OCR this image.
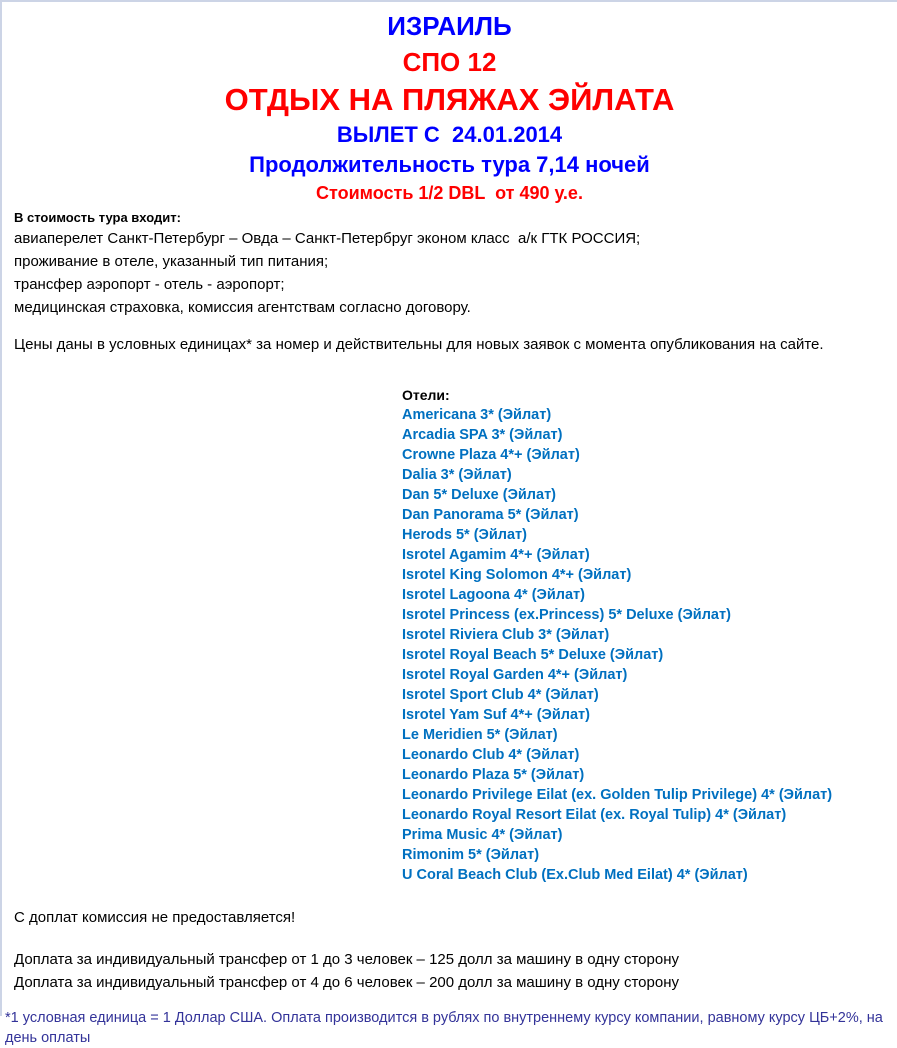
ИЗРАИЛЬ
СПО 12
ОТДЫХ НА ПЛЯЖАХ ЭЙЛАТА
ВЫЛЕТ С  24.01.2014
Продолжительность тура 7,14 ночей
Стоимость 1/2 DBL  от 490 у.е.
В стоимость тура входит:
авиаперелет Санкт-Петербург – Овда – Санкт-Петербруг эконом класс  а/к ГТК РОССИЯ;
проживание в отеле, указанный тип питания;
трансфер аэропорт - отель - аэропорт;
медицинская страховка, комиссия агентствам согласно договору.
Цены даны в условных единицах* за номер и действительны для новых заявок с момента опубликования на сайте.
Отели:
Americana 3* (Эйлат)
Arcadia SPA 3* (Эйлат)
Crowne Plaza 4*+ (Эйлат)
Dalia 3* (Эйлат)
Dan 5* Deluxe (Эйлат)
Dan Panorama 5* (Эйлат)
Herods 5* (Эйлат)
Isrotel Agamim 4*+ (Эйлат)
Isrotel King Solomon 4*+ (Эйлат)
Isrotel Lagoona 4* (Эйлат)
Isrotel Princess (ex.Princess) 5* Deluxe (Эйлат)
Isrotel Riviera Club 3* (Эйлат)
Isrotel Royal Beach 5* Deluxe (Эйлат)
Isrotel Royal Garden 4*+ (Эйлат)
Isrotel Sport Club 4* (Эйлат)
Isrotel Yam Suf 4*+ (Эйлат)
Le Meridien 5* (Эйлат)
Leonardo Club 4* (Эйлат)
Leonardo Plaza 5* (Эйлат)
Leonardo Privilege Eilat (ex. Golden Tulip Privilege) 4* (Эйлат)
Leonardo Royal Resort Eilat (ex. Royal Tulip) 4* (Эйлат)
Prima Music 4* (Эйлат)
Rimonim 5* (Эйлат)
U Coral Beach Club (Ex.Club Med Eilat) 4* (Эйлат)
С доплат комиссия не предоставляется!
Доплата за индивидуальный трансфер от 1 до 3 человек – 125 долл за машину в одну сторону
Доплата за индивидуальный трансфер от 4 до 6 человек – 200 долл за машину в одну сторону
*1 условная единица = 1 Доллар США. Оплата производится в рублях по внутреннему курсу компании, равному курсу ЦБ+2%, на день оплаты
